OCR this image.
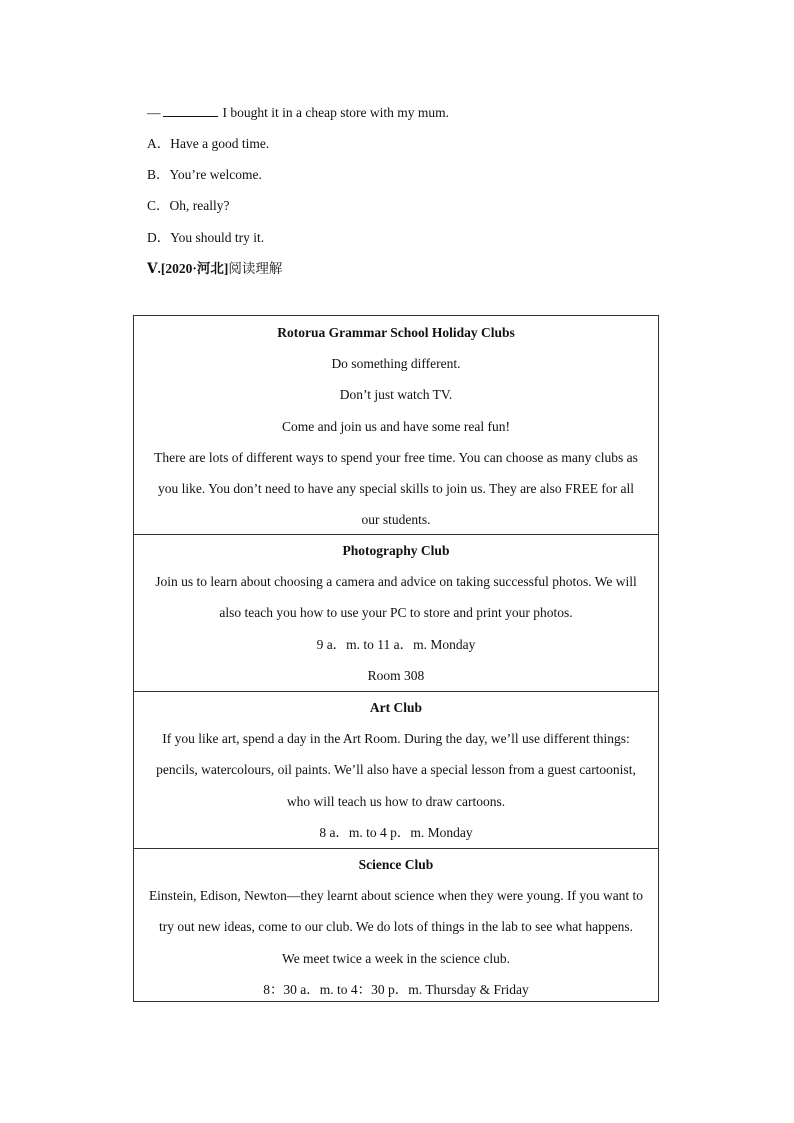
—	I bought it in a cheap store with my mum.
A．Have a good time.
B．You’re welcome.
C．Oh, really?
D．You should try it.
Ⅴ.[2020·河北]阅读理解
Rotorua Grammar School Holiday Clubs
Do something different.
Don’t just watch TV.
Come and join us and have some real fun!
There are lots of different ways to spend your free time. You can choose as many clubs as
you like. You don’t need to have any special skills to join us. They are also FREE for all
our students.
Photography Club
Join us to learn about choosing a camera and advice on taking successful photos. We will
also teach you how to use your PC to store and print your photos.
9 a．m. to 11 a．m. Monday
Room 308
Art Club
If you like art, spend a day in the Art Room. During the day, we’ll use different things:
pencils, watercolours, oil paints. We’ll also have a special lesson from a guest cartoonist,
who will teach us how to draw cartoons.
8 a．m. to 4 p．m. Monday
Science Club
Einstein, Edison, Newton—they learnt about science when they were young. If you want to
try out new ideas, come to our club. We do lots of things in the lab to see what happens.
We meet twice a week in the science club.
8：30 a．m. to 4：30 p．m. Thursday & Friday
